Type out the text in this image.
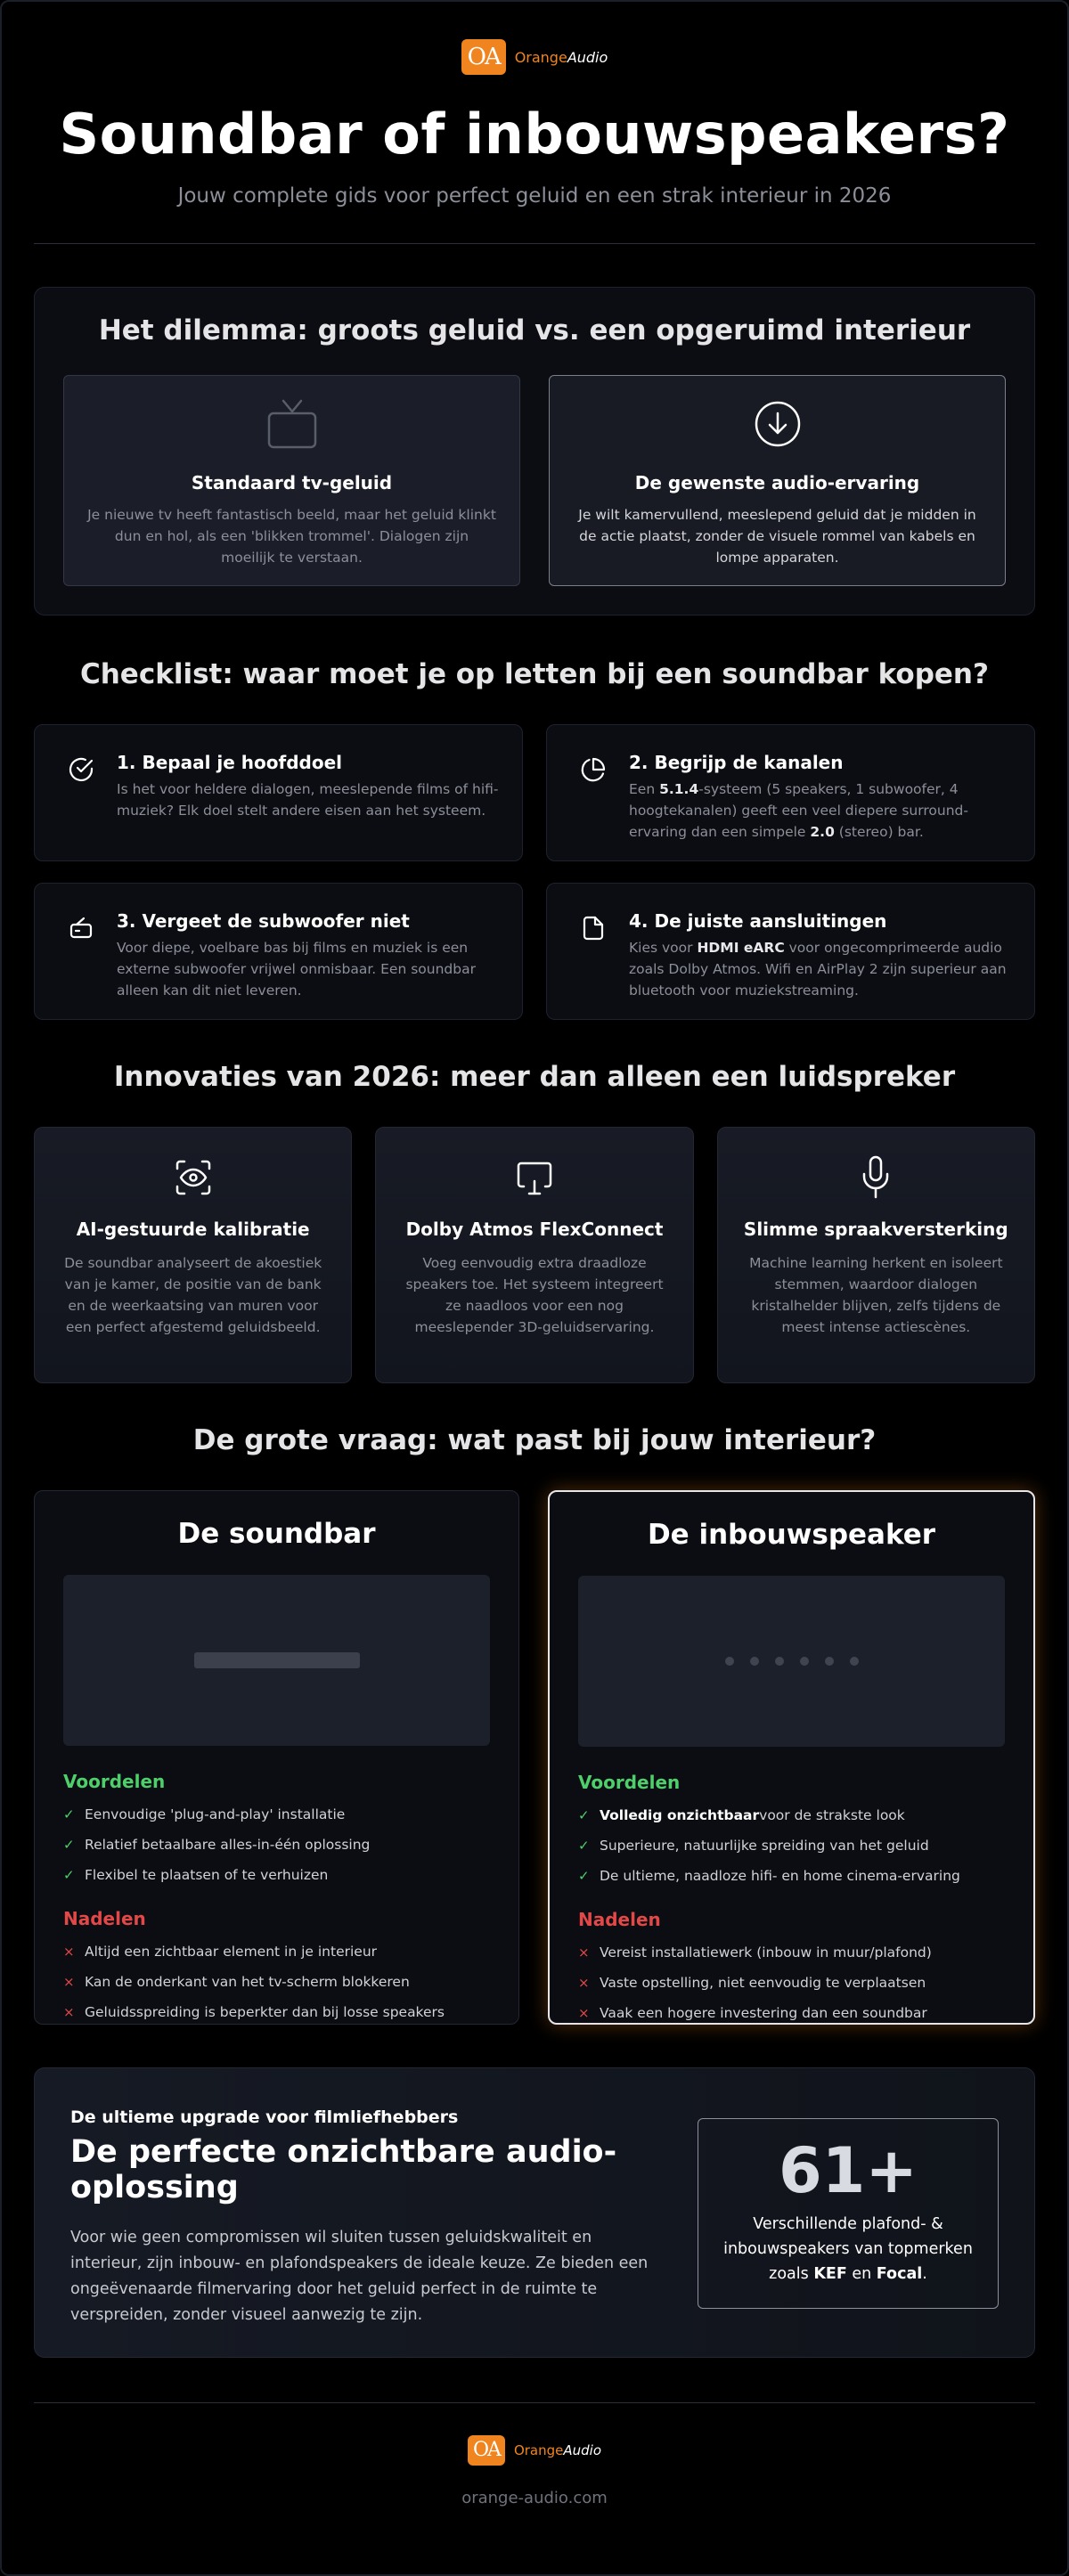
OA	OrangeAudio
Soundbar of inbouwspeakers?
Jouw complete gids voor perfect geluid en een strak interieur in 2026
Het dilemma: groots geluid vs. een opgeruimd interieur
Standaard tv-geluid
Je nieuwe tv heeft fantastisch beeld, maar het geluid klinkt dun en hol, als een 'blikken trommel'. Dialogen zijn moeilijk te verstaan.
De gewenste audio-ervaring
Je wilt kamervullend, meeslepend geluid dat je midden in de actie plaatst, zonder de visuele rommel van kabels en lompe apparaten.
Checklist: waar moet je op letten bij een soundbar kopen?
1. Bepaal je hoofddoel
Is het voor heldere dialogen, meeslepende films of hifi-muziek? Elk doel stelt andere eisen aan het systeem.
2. Begrijp de kanalen
Een 5.1.4-systeem (5 speakers, 1 subwoofer, 4 hoogtekanalen) geeft een veel diepere surround-ervaring dan een simpele 2.0 (stereo) bar.
3. Vergeet de subwoofer niet
Voor diepe, voelbare bas bij films en muziek is een externe subwoofer vrijwel onmisbaar. Een soundbar alleen kan dit niet leveren.
4. De juiste aansluitingen
Kies voor HDMI eARC voor ongecomprimeerde audio zoals Dolby Atmos. Wifi en AirPlay 2 zijn superieur aan bluetooth voor muziekstreaming.
Innovaties van 2026: meer dan alleen een luidspreker
AI-gestuurde kalibratie
De soundbar analyseert de akoestiek van je kamer, de positie van de bank en de weerkaatsing van muren voor een perfect afgestemd geluidsbeeld.
Dolby Atmos FlexConnect
Voeg eenvoudig extra draadloze speakers toe. Het systeem integreert ze naadloos voor een nog meeslepender 3D-geluidservaring.
Slimme spraakversterking
Machine learning herkent en isoleert stemmen, waardoor dialogen kristalhelder blijven, zelfs tijdens de meest intense actiescènes.
De grote vraag: wat past bij jouw interieur?
De soundbar
Voordelen
✓ Eenvoudige 'plug-and-play' installatie
✓ Relatief betaalbare alles-in-één oplossing
✓ Flexibel te plaatsen of te verhuizen
Nadelen
× Altijd een zichtbaar element in je interieur
× Kan de onderkant van het tv-scherm blokkeren
× Geluidsspreiding is beperkter dan bij losse speakers
De inbouwspeaker
Voordelen
✓ Volledig onzichtbaarvoor de strakste look
✓ Superieure, natuurlijke spreiding van het geluid
✓ De ultieme, naadloze hifi- en home cinema-ervaring
Nadelen
× Vereist installatiewerk (inbouw in muur/plafond)
× Vaste opstelling, niet eenvoudig te verplaatsen
× Vaak een hogere investering dan een soundbar
De ultieme upgrade voor filmliefhebbers
De perfecte onzichtbare audio-oplossing
Voor wie geen compromissen wil sluiten tussen geluidskwaliteit en interieur, zijn inbouw- en plafondspeakers de ideale keuze. Ze bieden een ongeëvenaarde filmervaring door het geluid perfect in de ruimte te verspreiden, zonder visueel aanwezig te zijn.
61+
Verschillende plafond- & inbouwspeakers van topmerken zoals KEF en Focal.
OA	OrangeAudio
orange-audio.com
